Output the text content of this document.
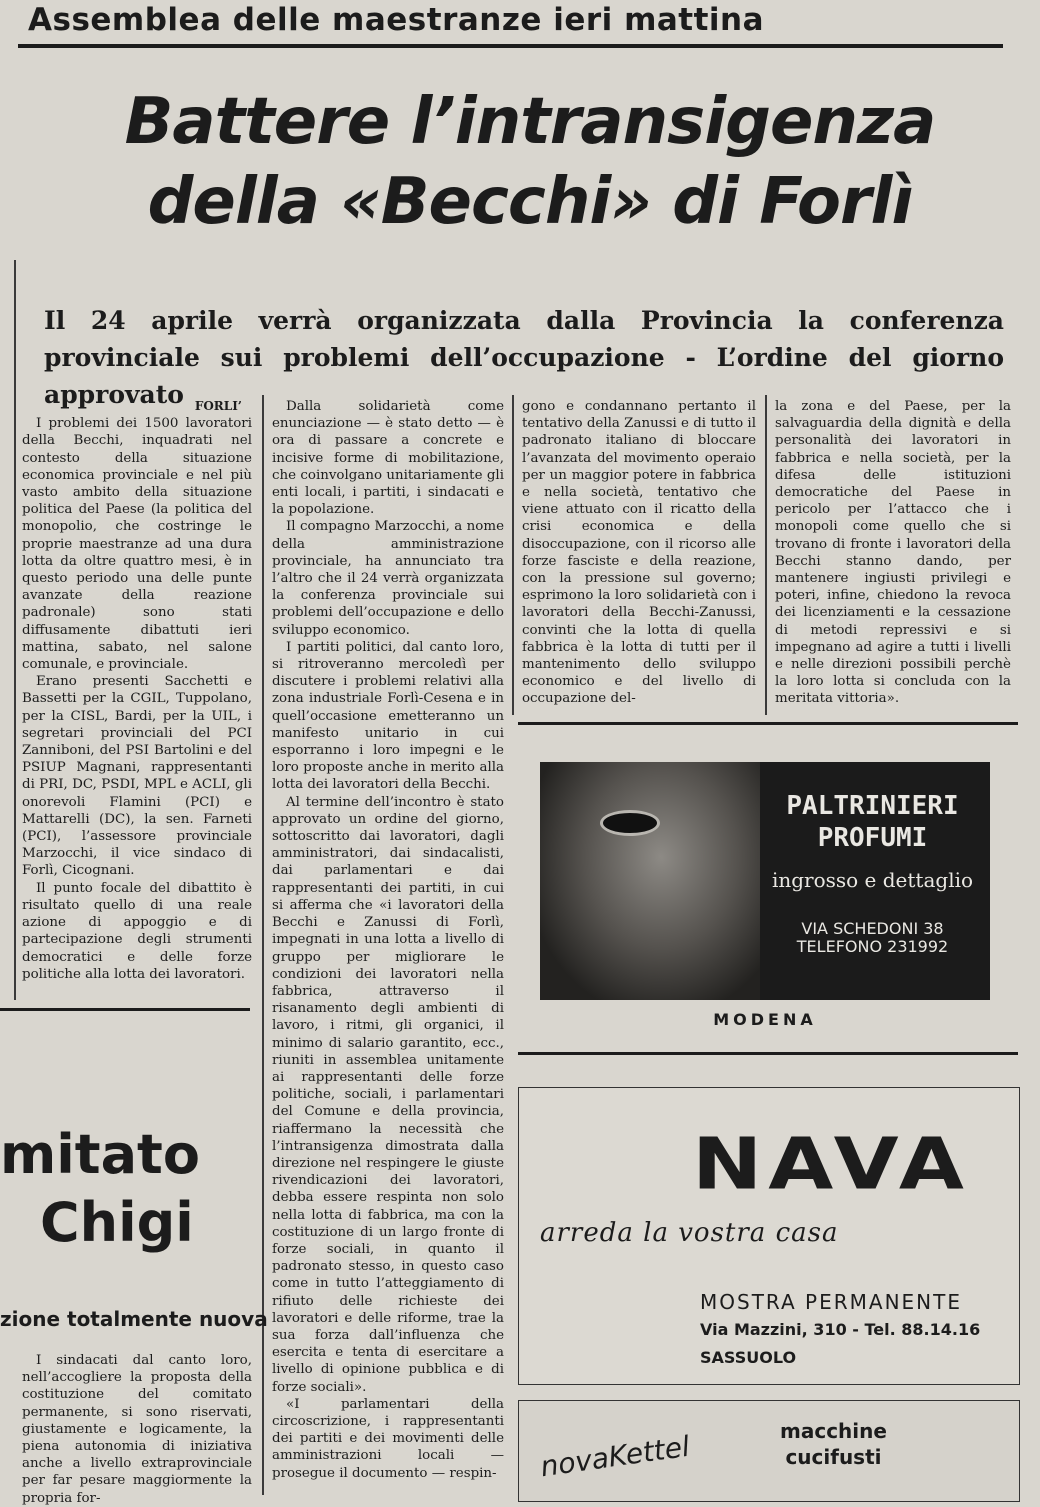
Assemblea delle maestranze ieri mattina
Battere l’intransigenza
della «Becchi» di Forlì
Il 24 aprile verrà organizzata dalla Provincia la conferenza provinciale sui problemi dell’occupazione - L’ordine del giorno approvato FORLI’

I problemi dei 1500 lavoratori della Becchi, inquadrati nel contesto della situazione economica provinciale e nel più vasto ambito della situazione politica del Paese (la politica del monopolio, che costringe le proprie maestranze ad una dura lotta da oltre quattro mesi, è in questo periodo una delle punte avanzate della reazione padronale) sono stati diffusamente dibattuti ieri mattina, sabato, nel salone comunale, e provinciale.

Erano presenti Sacchetti e Bassetti per la CGIL, Tuppolano, per la CISL, Bardi, per la UIL, i segretari provinciali del PCI Zanniboni, del PSI Bartolini e del PSIUP Magnani, rappresentanti di PRI, DC, PSDI, MPL e ACLI, gli onorevoli Flamini (PCI) e Mattarelli (DC), la sen. Farneti (PCI), l’assessore provinciale Marzocchi, il vice sindaco di Forlì, Cicognani.

Il punto focale del dibattito è risultato quello di una reale azione di appoggio e di partecipazione degli strumenti democratici e delle forze politiche alla lotta dei lavoratori.

Dalla solidarietà come enunciazione — è stato detto — è ora di passare a concrete e incisive forme di mobilitazione, che coinvolgano unitariamente gli enti locali, i partiti, i sindacati e la popolazione.

Il compagno Marzocchi, a nome della amministrazione provinciale, ha annunciato tra l’altro che il 24 verrà organizzata la conferenza provinciale sui problemi dell’occupazione e dello sviluppo economico.

I partiti politici, dal canto loro, si ritroveranno mercoledì per discutere i problemi relativi alla zona industriale Forlì-Cesena e in quell’occasione emetteranno un manifesto unitario in cui esporranno i loro impegni e le loro proposte anche in merito alla lotta dei lavoratori della Becchi.

Al termine dell’incontro è stato approvato un ordine del giorno, sottoscritto dai lavoratori, dagli amministratori, dai sindacalisti, dai parlamentari e dai rappresentanti dei partiti, in cui si afferma che «i lavoratori della Becchi e Zanussi di Forlì, impegnati in una lotta a livello di gruppo per migliorare le condizioni dei lavoratori nella fabbrica, attraverso il risanamento degli ambienti di lavoro, i ritmi, gli organici, il minimo di salario garantito, ecc., riuniti in assemblea unitamente ai rappresentanti delle forze politiche, sociali, i parlamentari del Comune e della provincia, riaffermano la necessità che l’intransigenza dimostrata dalla direzione nel respingere le giuste rivendicazioni dei lavoratori, debba essere respinta non solo nella lotta di fabbrica, ma con la costituzione di un largo fronte di forze sociali, in quanto il padronato stesso, in questo caso come in tutto l’atteggiamento di rifiuto delle richieste dei lavoratori e delle riforme, trae la sua forza dall’influenza che esercita e tenta di esercitare a livello di opinione pubblica e di forze sociali».

«I parlamentari della circoscrizione, i rappresentanti dei partiti e dei movimenti delle amministrazioni locali — prosegue il documento — respin-

gono e condannano pertanto il tentativo della Zanussi e di tutto il padronato italiano di bloccare l’avanzata del movimento operaio per un maggior potere in fabbrica e nella società, tentativo che viene attuato con il ricatto della crisi economica e della disoccupazione, con il ricorso alle forze fasciste e della reazione, con la pressione sul governo; esprimono la loro solidarietà con i lavoratori della Becchi-Zanussi, convinti che la lotta di quella fabbrica è la lotta di tutti per il mantenimento dello sviluppo economico e del livello di occupazione del-

la zona e del Paese, per la salvaguardia della dignità e della personalità dei lavoratori in fabbrica e nella società, per la difesa delle istituzioni democratiche del Paese in pericolo per l’attacco che i monopoli come quello che si trovano di fronte i lavoratori della Becchi stanno dando, per mantenere ingiusti privilegi e poteri, infine, chiedono la revoca dei licenziamenti e la cessazione di metodi repressivi e si impegnano ad agire a tutti i livelli e nelle direzioni possibili perchè la loro lotta si concluda con la meritata vittoria».

PALTRINIERI
PROFUMI
ingrosso e dettaglio
VIA SCHEDONI 38
TELEFONO 231992
MODENA
mitato
Chigi
zione totalmente nuova

I sindacati dal canto loro, nell’accogliere la proposta della costituzione del comitato permanente, si sono riservati, giustamente e logicamente, la piena autonomia di iniziativa anche a livello extraprovinciale per far pesare maggiormente la propria for-

NAVA
arreda la vostra casa
MOSTRA PERMANENTE
Via Mazzini, 310 - Tel. 88.14.16
SASSUOLO
novaKettel	macchine
cucifusti
